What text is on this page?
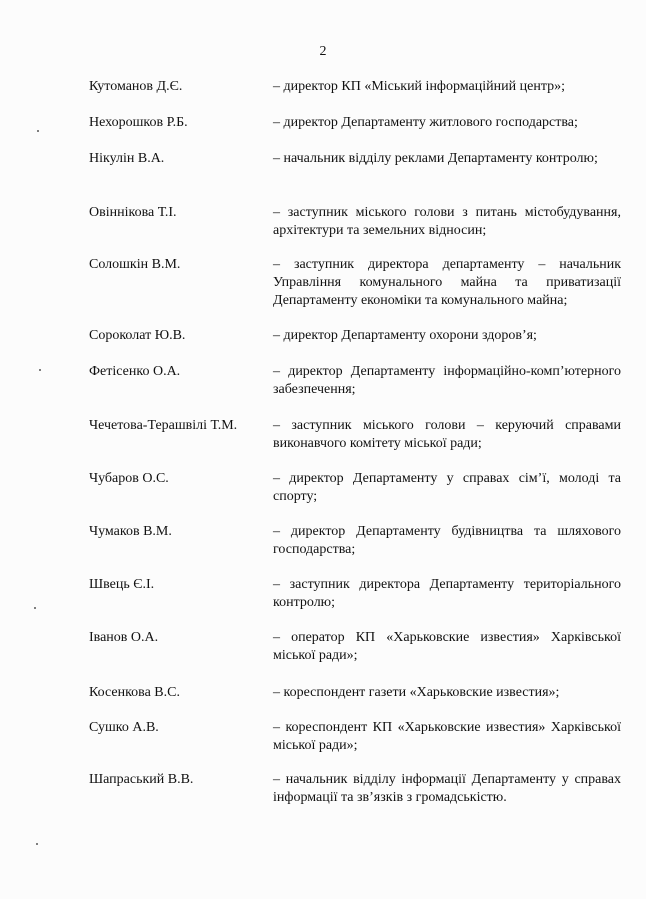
2
Кутоманов Д.Є.	– директор КП «Міський інформаційний центр»;
Нехорошков Р.Б.	– директор Департаменту житлового господарства;
Нікулін В.А.	– начальник відділу реклами Департаменту контролю;
Овіннікова Т.І.	– заступник міського голови з питань містобудування, архітектури та земельних відносин;
Солошкін В.М.	– заступник директора департаменту – начальник Управління комунального майна та приватизації Департаменту економіки та комунального майна;
Сороколат Ю.В.	– директор Департаменту охорони здоров’я;
Фетісенко О.А.	– директор Департаменту інформаційно-комп’ютерного забезпечення;
Чечетова-Терашвілі Т.М.	– заступник міського голови – керуючий справами виконавчого комітету міської ради;
Чубаров О.С.	– директор Департаменту у справах сім’ї, молоді та спорту;
Чумаков В.М.	– директор Департаменту будівництва та шляхового господарства;
Швець Є.І.	– заступник директора Департаменту територіального контролю;
Іванов О.А.	– оператор КП «Харьковские известия» Харківської міської ради»;
Косенкова В.С.	– кореспондент газети «Харьковские известия»;
Сушко А.В.	– кореспондент КП «Харьковские известия» Харківської міської ради»;
Шапраський В.В.	– начальник відділу інформації Департаменту у справах інформації та зв’язків з громадськістю.
